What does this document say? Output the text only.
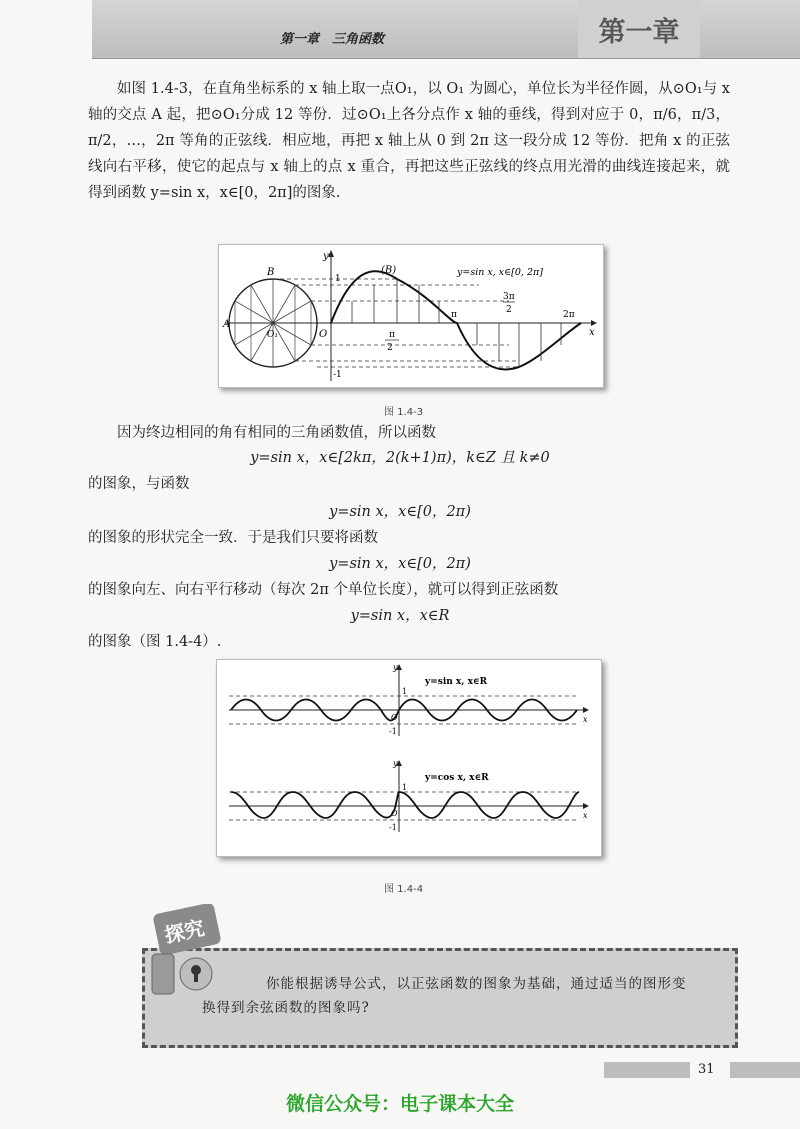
第一章　三角函数	第一章
如图 1.4-3，在直角坐标系的 x 轴上取一点O₁，以 O₁ 为圆心，单位长为半径作圆，从⊙O₁与 x 轴的交点 A 起，把⊙O₁分成 12 等份．过⊙O₁上各分点作 x 轴的垂线，得到对应于 0，π/6，π/3，π/2，…，2π 等角的正弦线．相应地，再把 x 轴上从 0 到 2π 这一段分成 12 等份．把角 x 的正弦线向右平移，使它的起点与 x 轴上的点 x 重合，再把这些正弦线的终点用光滑的曲线连接起来，就得到函数 y=sin x，x∈[0，2π]的图象.
y
x
1
-1
O
O₁
A
B	(B)	y=sin x, x∈[0, 2π]
π
3π
2	2π
π
2
图 1.4-3
因为终边相同的角有相同的三角函数值，所以函数
y=sin x，x∈[2kπ，2(k+1)π)，k∈Z 且 k≠0
的图象，与函数
y=sin x，x∈[0，2π)
的图象的形状完全一致．于是我们只要将函数
y=sin x，x∈[0，2π)
的图象向左、向右平行移动（每次 2π 个单位长度），就可以得到正弦函数
y=sin x，x∈R
的图象（图 1.4-4）.
y
x
1
-1
O
y=sin x, x∈R
y
x
1
-1
O
y=cos x, x∈R
图 1.4-4
探究
你能根据诱导公式，以正弦函数的图象为基础，通过适当的图形变
换得到余弦函数的图象吗?
31
微信公众号：电子课本大全
